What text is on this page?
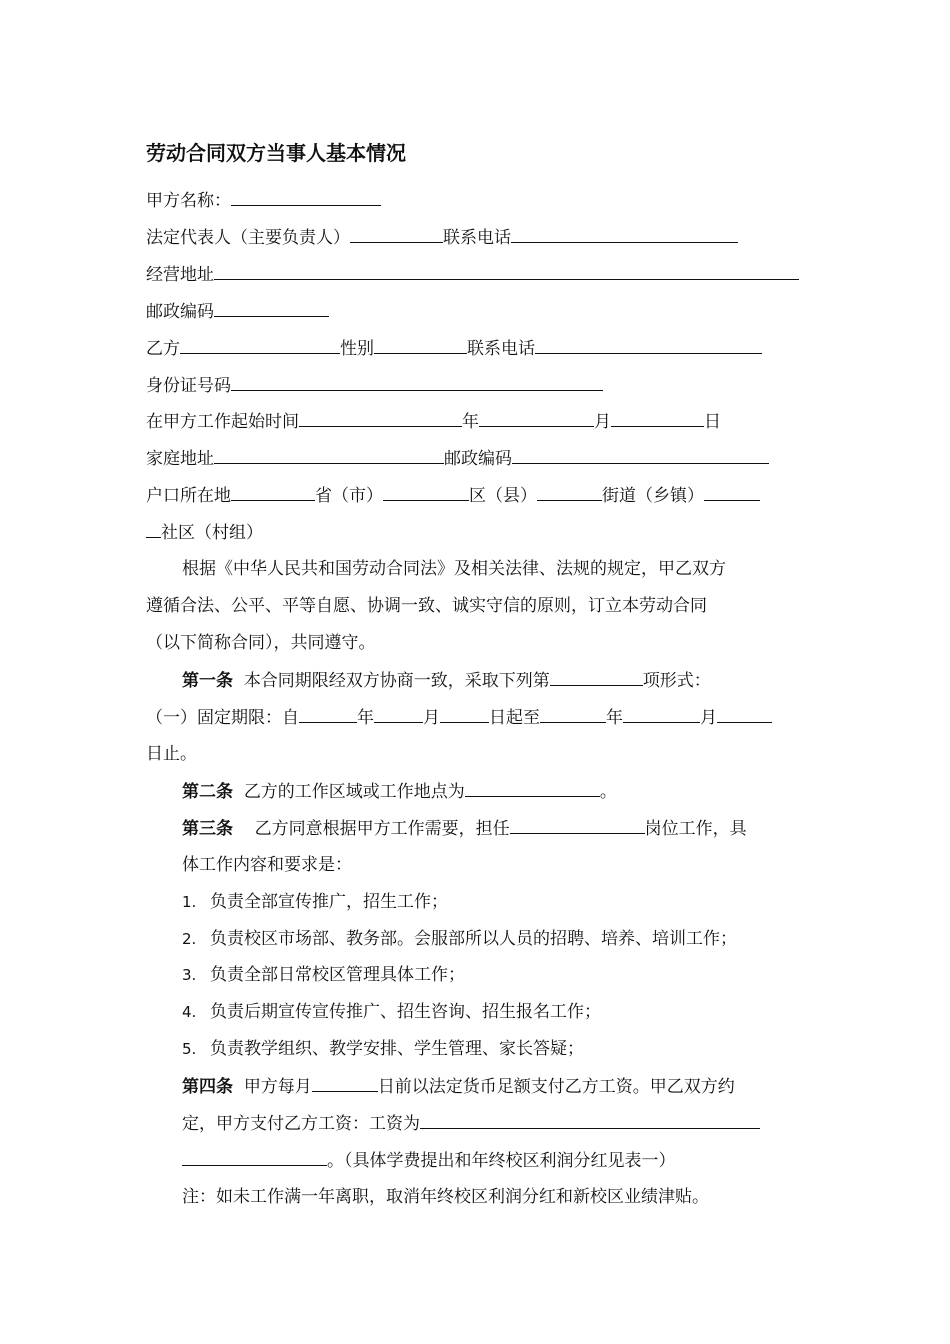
劳动合同双方当事人基本情况
甲方名称：
法定代表人（主要负责人）	联系电话
经营地址
邮政编码
乙方	性别	联系电话
身份证号码
在甲方工作起始时间	年	月	日
家庭地址	邮政编码
户口所在地	省（市）	区（县）	街道（乡镇）
社区（村组）
根据《中华人民共和国劳动合同法》及相关法律、法规的规定，甲乙双方
遵循合法、公平、平等自愿、协调一致、诚实守信的原则，订立本劳动合同
（以下简称合同），共同遵守。
第一条 本合同期限经双方协商一致，采取下列第	项形式：
（一）固定期限：自	年	月	日起至	年	月
日止。
第二条 乙方的工作区域或工作地点为	。
第三条 乙方同意根据甲方工作需要，担任	岗位工作，具
体工作内容和要求是：
1. 负责全部宣传推广，招生工作；
2. 负责校区市场部、教务部。会服部所以人员的招聘、培养、培训工作；
3. 负责全部日常校区管理具体工作；
4. 负责后期宣传宣传推广、招生咨询、招生报名工作；
5. 负责教学组织、教学安排、学生管理、家长答疑；
第四条 甲方每月	日前以法定货币足额支付乙方工资。甲乙双方约
定，甲方支付乙方工资：工资为
。（具体学费提出和年终校区利润分红见表一）
注：如未工作满一年离职，取消年终校区利润分红和新校区业绩津贴。
